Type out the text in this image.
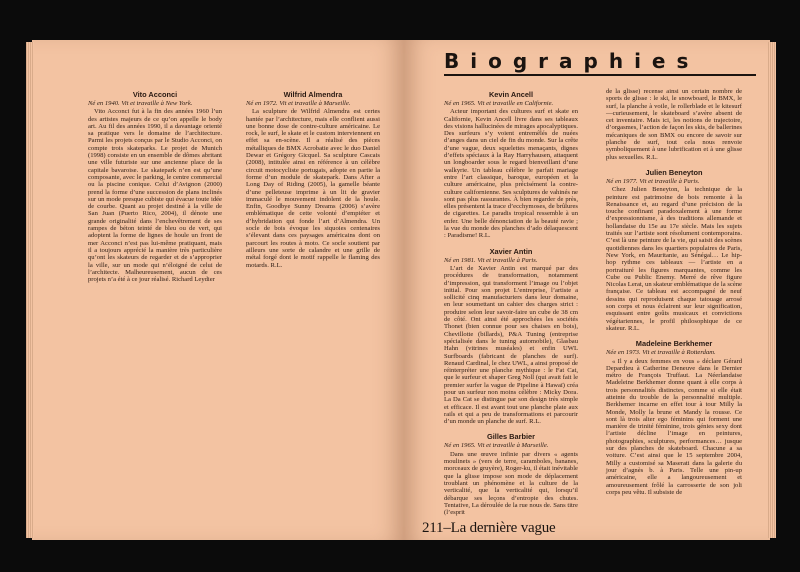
Biographies
Kevin Ancell
Né en 1965. Vit et travaille en Californie.
Acteur important des cultures surf et skate en Californie, Kevin Ancell livre dans ses tableaux des visions hallucinées de mirages apocalyptiques. Des surfeurs s’y voient entremêlés de nuées d’anges dans un ciel de fin du monde. Sur la crête d’une vague, deux squelettes menaçants, dignes d’effets spéciaux à la Ray Harryhausen, attaquent un longboarder sous le regard bienveillant d’une walkyrie. Un tableau célèbre le parfait mariage entre l’art classique, baroque, européen et la culture américaine, plus précisément la contre-culture californienne. Ses sculptures de vahinés ne sont pas plus rassurantes. À bien regarder de près, elles présentent la trace d’ecchymoses, de brûlures de cigarettes. Le paradis tropical ressemble à un enfer. Une belle dénonciation de la beauté ravie ; la vue du monde des planches d’ado délaquescent : Paradisme! R.L.
Xavier Antin
Né en 1981. Vit et travaille à Paris.
L’art de Xavier Antin est marqué par des procédures de transformation, notamment d’impression, qui transforment l’image ou l’objet initial. Pour son projet L’entreprise, l’artiste a sollicité cinq manufacturiers dans leur domaine, en leur soumettant un cahier des charges strict : produire selon leur savoir-faire un cube de 38 cm de côté. Ont ainsi été approchées les sociétés Thonet (bien connue pour ses chaises en bois), Chevillotte (billards), P&A Tuning (entreprise spécialisée dans le tuning automobile), Glasbau Hahn (vitrines muséales) et enfin UWL Surfboards (fabricant de planches de surf). Renaud Cardinal, le chez UWL, a ainsi proposé de réinterpréter une planche mythique : le Fat Cat, que le surfeur et shaper Greg Noll (qui avait fait le premier surfer la vague de Pipeline à Hawaï) créa pour un surfeur non moins célèbre : Micky Dora. La Da Cat se distingue par son design très simple et efficace. Il est avant tout une planche plate aux rails et qui a peu de transformations et parcourir d’un monde un planche de surf. R.L.
Gilles Barbier
Né en 1965. Vit et travaille à Marseille.
Dans une œuvre infinie par divers « agents moulinets » (vers de terre, caramboles, bananes, morceaux de gruyère), Roger-ku, il était inévitable que la glisse impose son mode de déplacement troublant un phénomène et la culture de la verticalité, que la verticalité qui, lorsqu’il débarque ses leçons d’entropie des chutes. Tentative, La déroulée de la rue nous de. Sans titre (l’esprit
de la glisse) recense ainsi un certain nombre de sports de glisse : le ski, le snowboard, le BMX, le surf, la planche à voile, le rollerblade et le kitesurf—curieusement, le skateboard s’avère absent de cet inventaire. Mais ici, les notions de trajectoire, d’orgasmes, l’action de façon les skis, de ballerines mécaniques de son BMX ou encore de savoir sur planche de surf, tout cela nous renvoie symboliquement à une lubrification et à une glisse plus sexuelles. R.L.
Julien Beneyton
Né en 1977. Vit et travaille à Paris.
Chez Julien Beneyton, la technique de la peinture est patrimoine de bois remonte à la Renaissance et, au regard d’une précision de la touche confinant paradoxalement à une forme d’expressionnisme, à des traditions allemande et hollandaise du 15e au 17e siècle. Mais les sujets traités sur l’artiste sont résolument contemporains. C’est là une peinture de la vie, qui saisit des scènes quotidiennes dans les quartiers populaires de Paris, New York, en Mauritanie, au Sénégal… Le hip-hop rythme ces tableaux — l’artiste en a portraituré les figures marquantes, comme les Cube ou Public Enemy. Merré de rêve figure Nicolas Lerat, un skateur emblématique de la scène française. Ce tableau est accompagné de neuf dessins qui reproduisent chaque tatouage arrosé son corps et nous éclairent sur leur signification, esquissant entre goûts musicaux et convictions végétariennes, le profil philosophique de ce skateur. R.L.
Madeleine Berkhemer
Née en 1973. Vit et travaille à Rotterdam.
« Il y a deux femmes en vous » déclare Gérard Depardieu à Catherine Deneuve dans le Dernier métro de François Truffaut. La Néerlandaise Madeleine Berkhemer donne quant à elle corps à trois personnalités distinctes, comme si elle était atteinte du trouble de la personnalité multiple. Berkhemer incarne en effet tour à tour Milly la Monde, Molly la brune et Mandy la rousse. Ce sont là trois alter ego féminins qui forment une manière de trinité féminine, trois génies sexy dont l’artiste décline l’image en peintures, photographies, sculptures, performances… jusque sur des planches de skateboard. Chacune a sa voiture. C’est ainsi que le 15 septembre 2004, Milly a customisé sa Maserati dans la galerie du jour d’agnès b. à Paris. Telle une pin-up américaine, elle a langoureusement et amoureusement frôlé la carrosserie de son joli corps peu vêtu. Il subsiste de
Vito Acconci
Né en 1940. Vit et travaille à New York.
Vito Acconci fut à la fin des années 1960 l’un des artistes majeurs de ce qu’on appelle le body art. Au fil des années 1990, il a davantage orienté sa pratique vers le domaine de l’architecture. Parmi les projets conçus par le Studio Acconci, on compte trois skateparks. Le projet de Munich (1998) consiste en un ensemble de dômes abritant une ville futuriste sur une ancienne place de la capitale bavaroise. Le skatepark n’en est qu’une composante, avec le parking, le centre commercial ou la piscine conique. Celui d’Avignon (2000) prend la forme d’une succession de plans inclinés sur un mode presque cubiste qui évacue toute idée de courbe. Quant au projet destiné à la ville de San Juan (Puerto Rico, 2004), il dénote une grande originalité dans l’enchevêtrement de ses rampes de béton teinté de bleu ou de vert, qui adoptent la forme de lignes de houle un front de mer Acconci n’est pas lui-même pratiquant, mais il a toujours apprécié la manière très particulière qu’ont les skateurs de regarder et de s’approprier la ville, sur un mode qui n’éloigné de celui de l’architecte. Malheureusement, aucun de ces projets n’a été à ce jour réalisé. Richard Leydier
Wilfrid Almendra
Né en 1972. Vit et travaille à Marseille.
La sculpture de Wilfrid Almendra est certes hantée par l’architecture, mais elle conflient aussi une bonne dose de contre-culture américaine. Le rock, le surf, le skate et le custom interviennent en effet sa en-scène. Il a réalisé des pièces métalliques de BMX Acrobatie avec le duo Daniel Dewar et Grégory Gicquel. Sa sculpture Cascais (2008), intitulée ainsi en référence à un célèbre circuit motocycliste portugais, adopte en partie la forme d’un module de skatepark. Dans After a Long Day of Riding (2005), la gamelle béante d’une pelleteuse imprime à un lit de gravier immaculé le mouvement indolent de la houle. Enfin, Goodbye Sunny Dreams (2006) s’avère emblématique de cette volonté d’empiéter et d’hybridation qui fonde l’art d’Almendra. Un socle de bois évoque les siquoies centenaires s’élevant dans ces paysages américains dont on parcourt les routes à moto. Ce socle soutient par ailleurs une sorte de calandre et une grille de métal forgé dont le motif rappelle le flaming des motards. R.L.
211–La dernière vague
